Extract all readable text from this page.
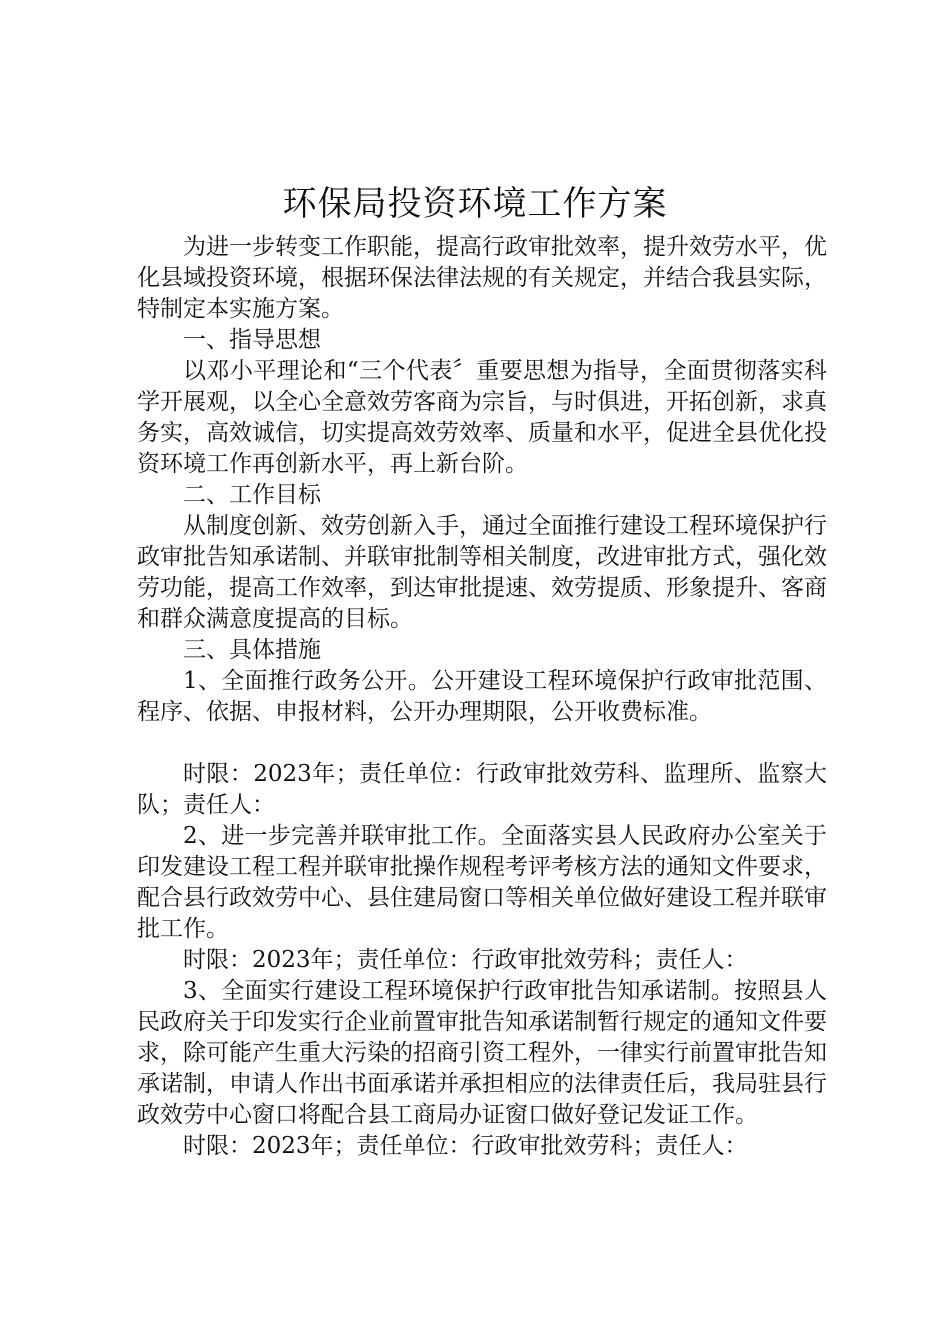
环保局投资环境工作方案

为进一步转变工作职能，提高行政审批效率，提升效劳水平，优化县域投资环境，根据环保法律法规的有关规定，并结合我县实际，特制定本实施方案。

一、指导思想

以邓小平理论和“三个代表〞重要思想为指导，全面贯彻落实科学开展观，以全心全意效劳客商为宗旨，与时俱进，开拓创新，求真务实，高效诚信，切实提高效劳效率、质量和水平，促进全县优化投资环境工作再创新水平，再上新台阶。

二、工作目标

从制度创新、效劳创新入手，通过全面推行建设工程环境保护行政审批告知承诺制、并联审批制等相关制度，改进审批方式，强化效劳功能，提高工作效率，到达审批提速、效劳提质、形象提升、客商和群众满意度提高的目标。

三、具体措施

1、全面推行政务公开。公开建设工程环境保护行政审批范围、程序、依据、申报材料，公开办理期限，公开收费标准。

时限：2023年；责任单位：行政审批效劳科、监理所、监察大队；责任人：

2、进一步完善并联审批工作。全面落实县人民政府办公室关于印发建设工程工程并联审批操作规程考评考核方法的通知文件要求，配合县行政效劳中心、县住建局窗口等相关单位做好建设工程并联审批工作。

时限：2023年；责任单位：行政审批效劳科；责任人：

3、全面实行建设工程环境保护行政审批告知承诺制。按照县人民政府关于印发实行企业前置审批告知承诺制暂行规定的通知文件要求，除可能产生重大污染的招商引资工程外，一律实行前置审批告知承诺制，申请人作出书面承诺并承担相应的法律责任后，我局驻县行政效劳中心窗口将配合县工商局办证窗口做好登记发证工作。

时限：2023年；责任单位：行政审批效劳科；责任人：
